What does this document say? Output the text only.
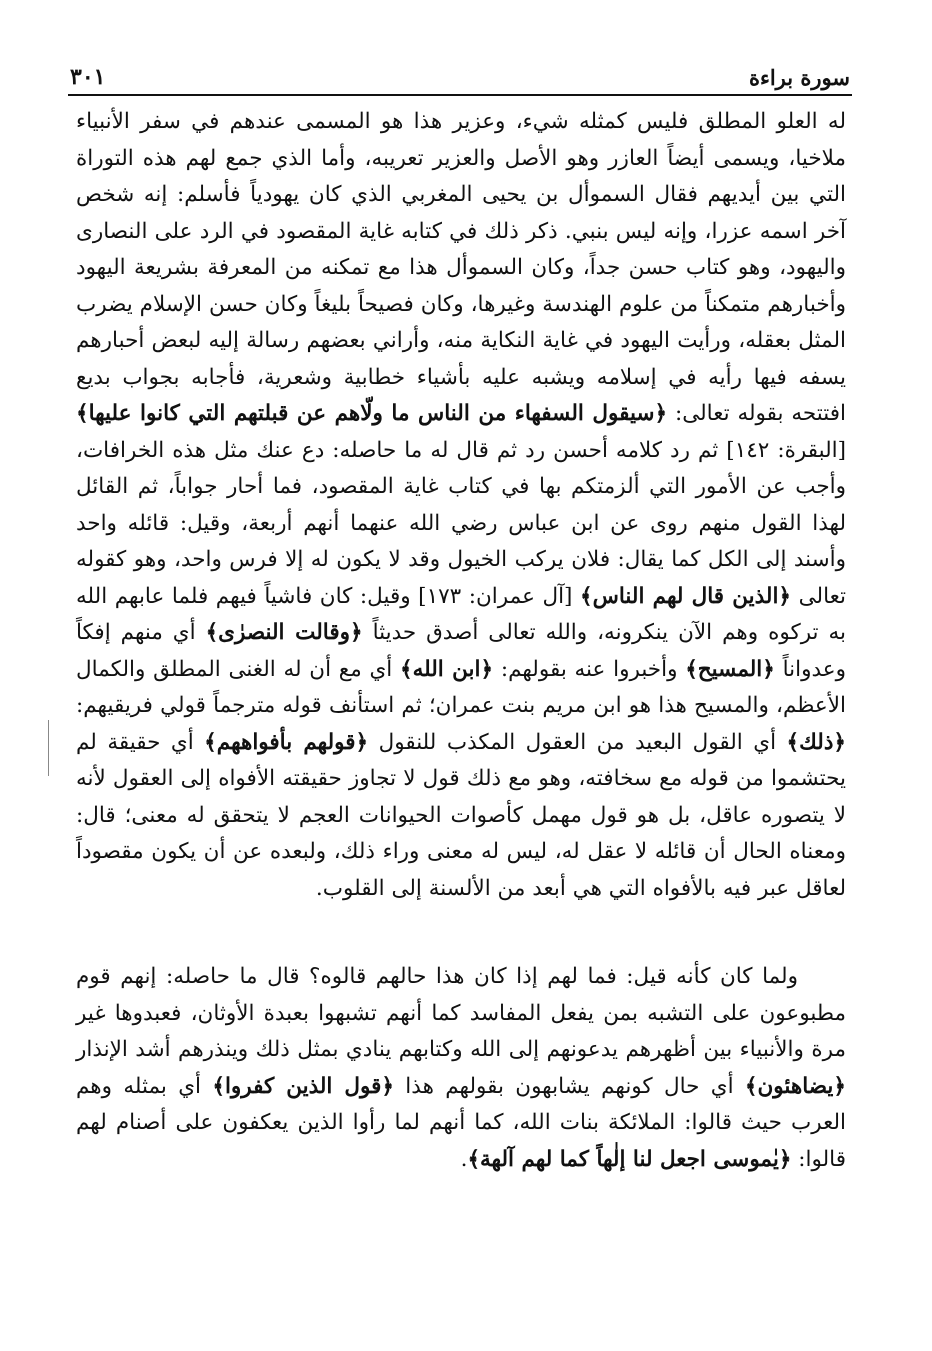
سورة براءة
٣٠١

له العلو المطلق فليس كمثله شيء، وعزير هذا هو المسمى عندهم في سفر الأنبياء ملاخيا، ويسمى أيضاً العازر وهو الأصل والعزير تعريبه، وأما الذي جمع لهم هذه التوراة التي بين أيديهم فقال السموأل بن يحيى المغربي الذي كان يهودياً فأسلم: إنه شخص آخر اسمه عزرا، وإنه ليس بنبي. ذكر ذلك في كتابه غاية المقصود في الرد على النصارى واليهود، وهو كتاب حسن جداً، وكان السموأل هذا مع تمكنه من المعرفة بشريعة اليهود وأخبارهم متمكناً من علوم الهندسة وغيرها، وكان فصيحاً بليغاً وكان حسن الإسلام يضرب المثل بعقله، ورأيت اليهود في غاية النكاية منه، وأراني بعضهم رسالة إليه لبعض أحبارهم يسفه فيها رأيه في إسلامه ويشبه عليه بأشياء خطابية وشعرية، فأجابه بجواب بديع افتتحه بقوله تعالى: ﴿سيقول السفهاء من الناس ما ولّاهم عن قبلتهم التي كانوا عليها﴾ [البقرة: ١٤٢] ثم رد كلامه أحسن رد ثم قال له ما حاصله: دع عنك مثل هذه الخرافات، وأجب عن الأمور التي ألزمتكم بها في كتاب غاية المقصود، فما أحار جواباً، ثم القائل لهذا القول منهم روى عن ابن عباس رضي الله عنهما أنهم أربعة، وقيل: قائله واحد وأسند إلى الكل كما يقال: فلان يركب الخيول وقد لا يكون له إلا فرس واحد، وهو كقوله تعالى ﴿الذين قال لهم الناس﴾ [آل عمران: ١٧٣] وقيل: كان فاشياً فيهم فلما عابهم الله به تركوه وهم الآن ينكرونه، والله تعالى أصدق حديثاً ﴿وقالت النصرٰى﴾ أي منهم إفكاً وعدواناً ﴿المسيح﴾ وأخبروا عنه بقولهم: ﴿ابن الله﴾ أي مع أن له الغنى المطلق والكمال الأعظم، والمسيح هذا هو ابن مريم بنت عمران؛ ثم استأنف قوله مترجماً قولي فريقيهم: ﴿ذلك﴾ أي القول البعيد من العقول المكذب للنقول ﴿قولهم بأفواههم﴾ أي حقيقة لم يحتشموا من قوله مع سخافته، وهو مع ذلك قول لا تجاوز حقيقته الأفواه إلى العقول لأنه لا يتصوره عاقل، بل هو قول مهمل كأصوات الحيوانات العجم لا يتحقق له معنى؛ قال: ومعناه الحال أن قائله لا عقل له، ليس له معنى وراء ذلك، ولبعده عن أن يكون مقصوداً لعاقل عبر فيه بالأفواه التي هي أبعد من الألسنة إلى القلوب.

ولما كان كأنه قيل: فما لهم إذا كان هذا حالهم قالوه؟ قال ما حاصله: إنهم قوم مطبوعون على التشبه بمن يفعل المفاسد كما أنهم تشبهوا بعبدة الأوثان، فعبدوها غير مرة والأنبياء بين أظهرهم يدعونهم إلى الله وكتابهم ينادي بمثل ذلك وينذرهم أشد الإنذار ﴿يضاهئون﴾ أي حال كونهم يشابهون بقولهم هذا ﴿قول الذين كفروا﴾ أي بمثله وهم العرب حيث قالوا: الملائكة بنات الله، كما أنهم لما رأوا الذين يعكفون على أصنام لهم قالوا: ﴿يٰموسى اجعل لنا إلٰهاً كما لهم آلهة﴾.
